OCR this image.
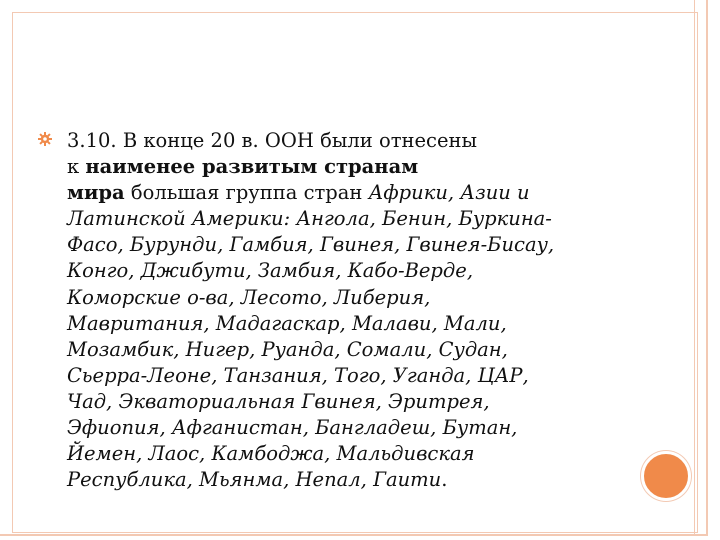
3.10. В конце 20 в. ООН были отнесены
к наименее развитым странам
мира большая группа стран Африки, Азии и
Латинской Америки: Ангола, Бенин, Буркина-
Фасо, Бурунди, Гамбия, Гвинея, Гвинея-Бисау,
Конго, Джибути, Замбия, Кабо-Верде,
Коморские о-ва, Лесото, Либерия,
Мавритания, Мадагаскар, Малави, Мали,
Мозамбик, Нигер, Руанда, Сомали, Судан,
Сьерра-Леоне, Танзания, Того, Уганда, ЦАР,
Чад, Экваториальная Гвинея, Эритрея,
Эфиопия, Афганистан, Бангладеш, Бутан,
Йемен, Лаос, Камбоджа, Мальдивская
Республика, Мьянма, Непал, Гаити.
